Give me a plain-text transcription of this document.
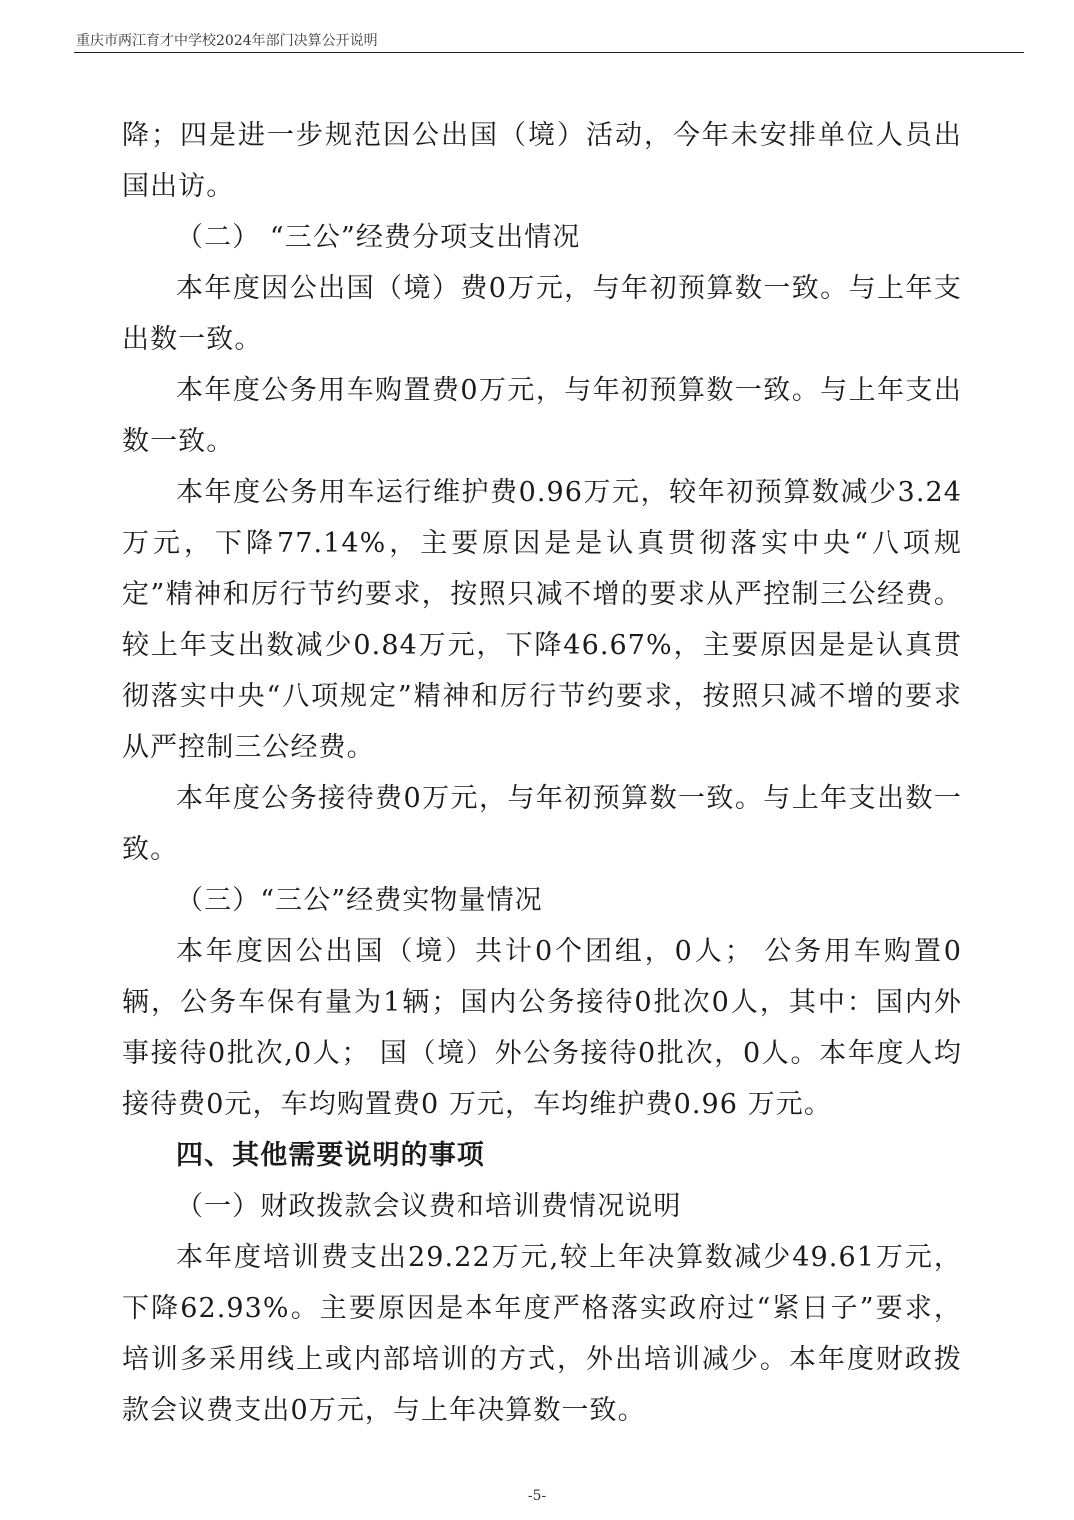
重庆市两江育才中学校2024年部门决算公开说明

降；四是进一步规范因公出国（境）活动，今年未安排单位人员出国出访。

（二） “三公”经费分项支出情况

本年度因公出国（境）费0万元，与年初预算数一致。与上年支出数一致。

本年度公务用车购置费0万元，与年初预算数一致。与上年支出数一致。

本年度公务用车运行维护费0.96万元，较年初预算数减少3.24万元，下降77.14%，主要原因是是认真贯彻落实中央“八项规定”精神和厉行节约要求，按照只减不增的要求从严控制三公经费。较上年支出数减少0.84万元，下降46.67%，主要原因是是认真贯彻落实中央“八项规定”精神和厉行节约要求，按照只减不增的要求从严控制三公经费。

本年度公务接待费0万元，与年初预算数一致。与上年支出数一致。

（三）“三公”经费实物量情况

本年度因公出国（境）共计0个团组，0人； 公务用车购置0辆，公务车保有量为1辆；国内公务接待0批次0人，其中：国内外事接待0批次,0人； 国（境）外公务接待0批次，0人。本年度人均接待费0元，车均购置费0 万元，车均维护费0.96 万元。

四、其他需要说明的事项

（一）财政拨款会议费和培训费情况说明

本年度培训费支出29.22万元,较上年决算数减少49.61万元，下降62.93%。主要原因是本年度严格落实政府过“紧日子”要求，培训多采用线上或内部培训的方式，外出培训减少。本年度财政拨款会议费支出0万元，与上年决算数一致。

-5-
